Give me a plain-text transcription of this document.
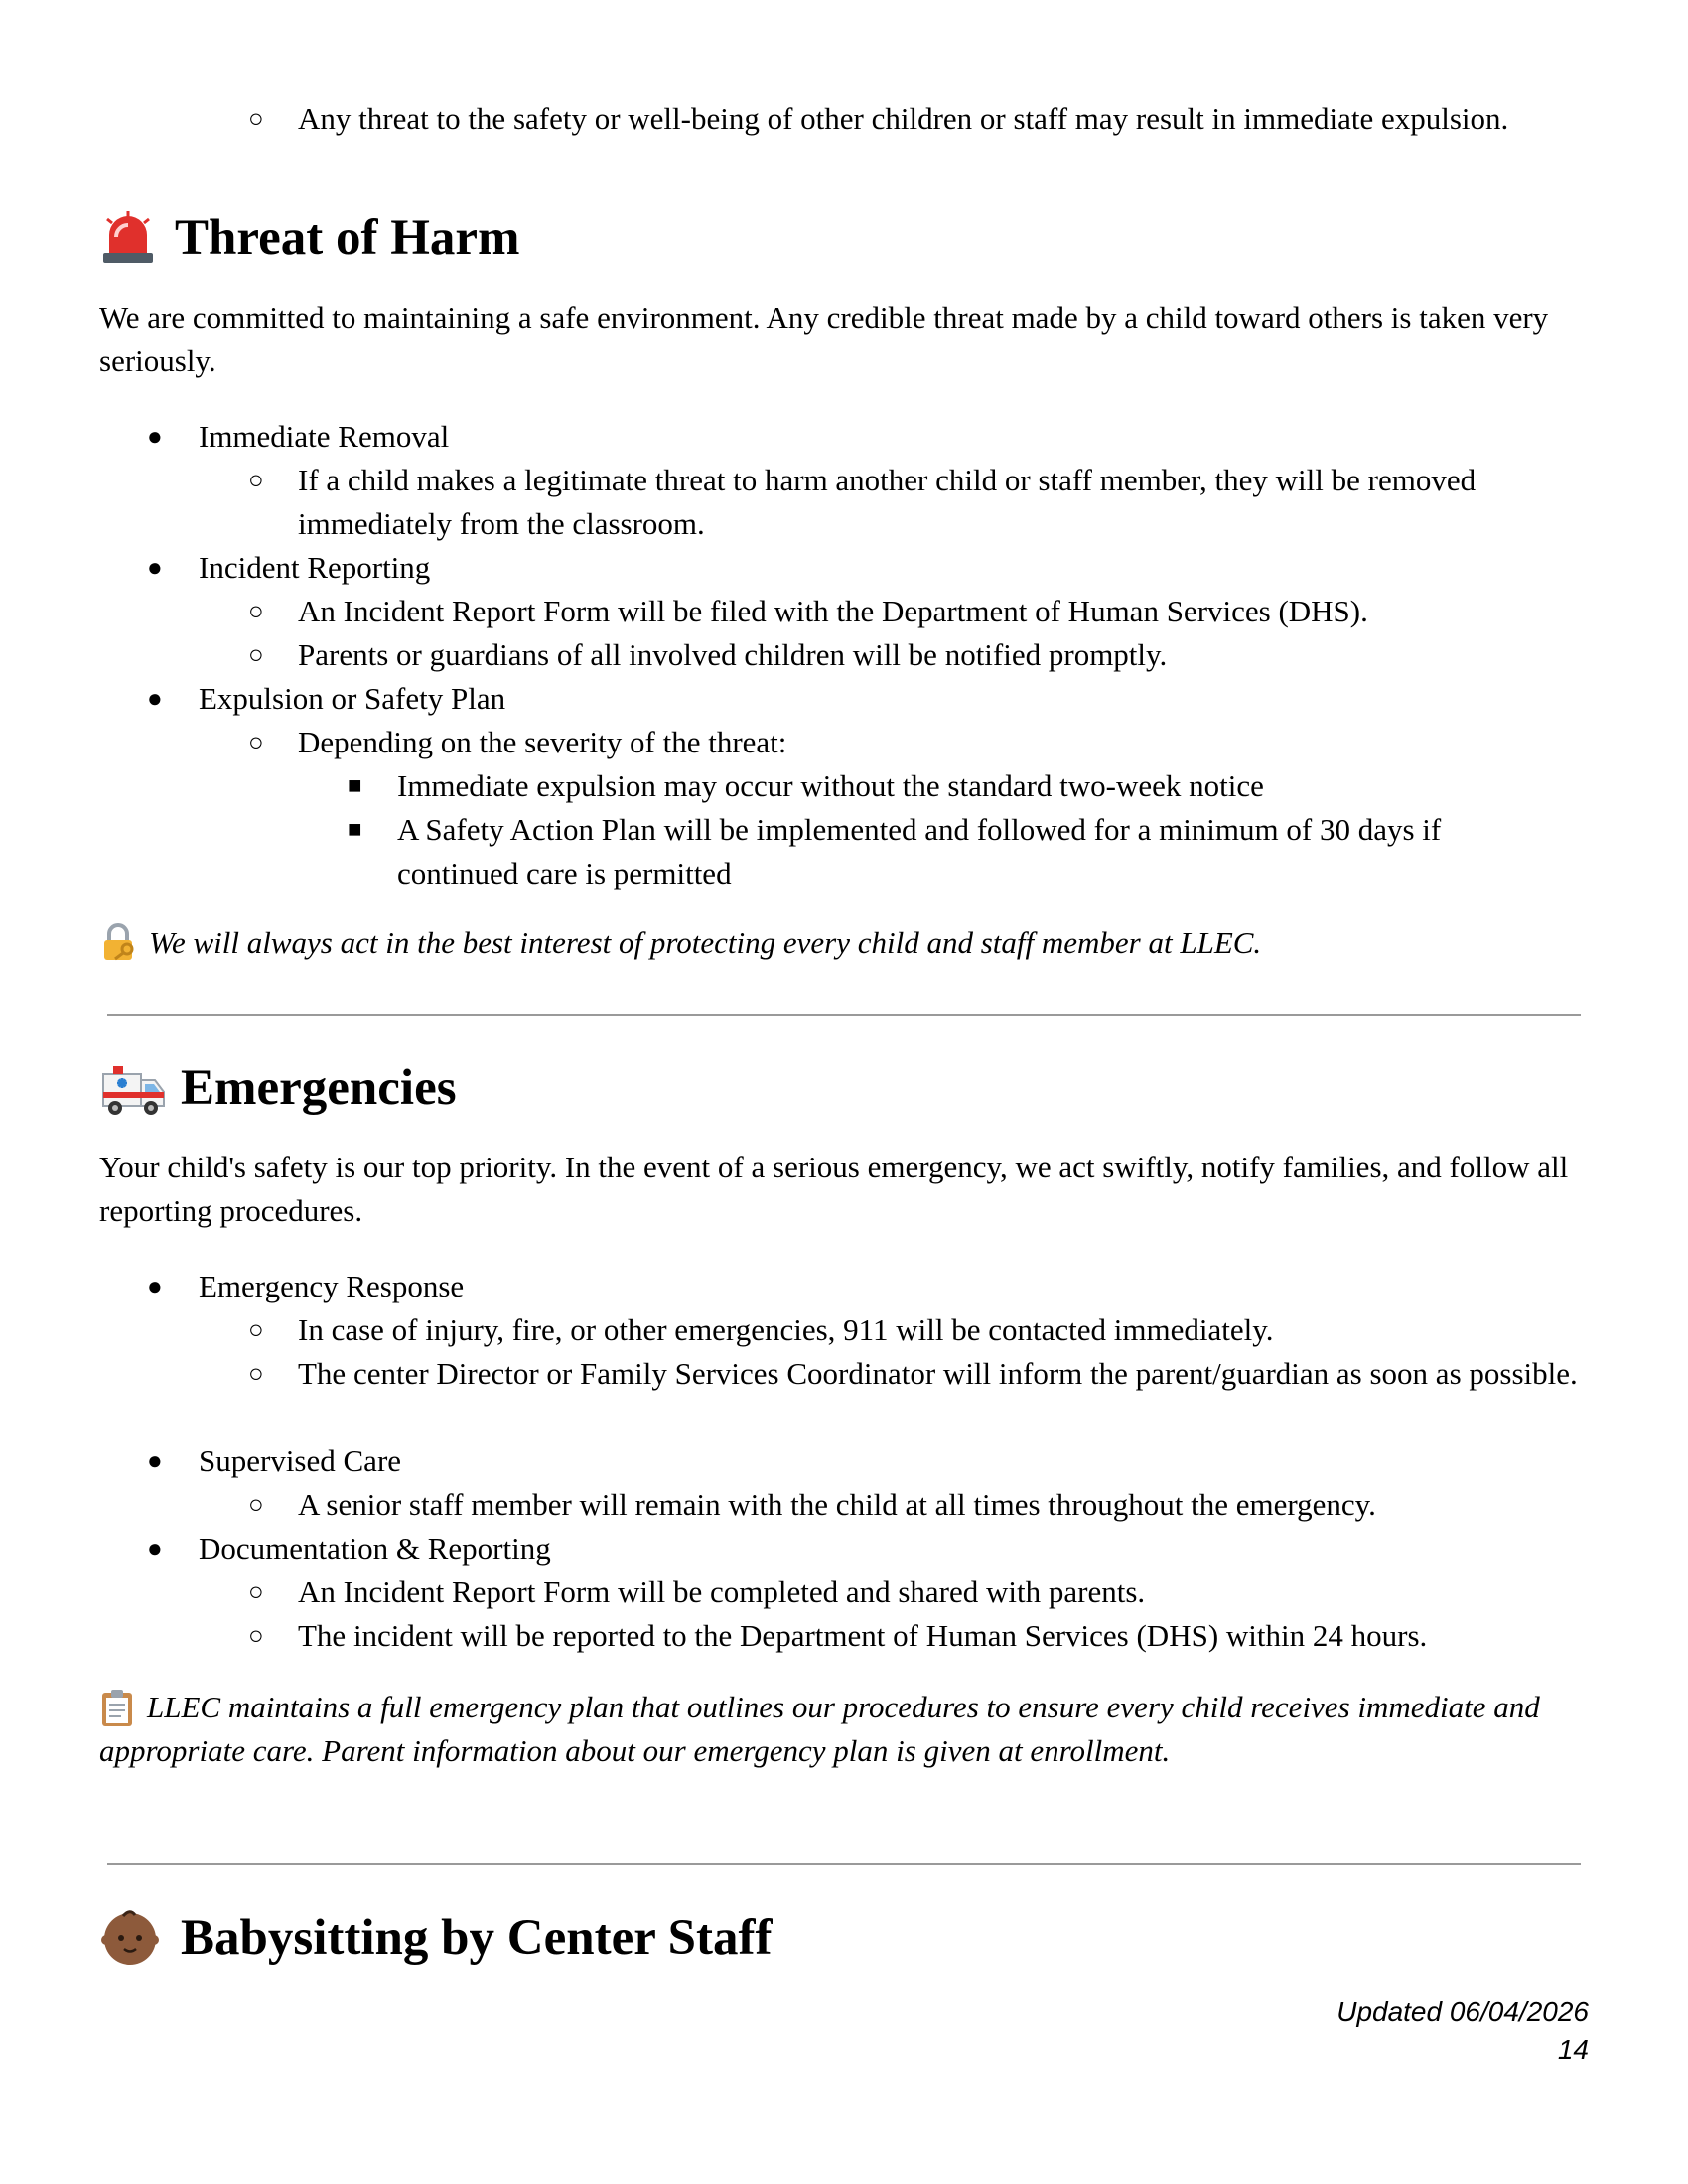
○ Any threat to the safety or well-being of other children or staff may result in immediate expulsion.
Threat of Harm
We are committed to maintaining a safe environment. Any credible threat made by a child toward others is taken very seriously.
● Immediate Removal
○ If a child makes a legitimate threat to harm another child or staff member, they will be removed immediately from the classroom.
● Incident Reporting
○ An Incident Report Form will be filed with the Department of Human Services (DHS).
○ Parents or guardians of all involved children will be notified promptly.
● Expulsion or Safety Plan
○ Depending on the severity of the threat:
■ Immediate expulsion may occur without the standard two-week notice
■ A Safety Action Plan will be implemented and followed for a minimum of 30 days if continued care is permitted
We will always act in the best interest of protecting every child and staff member at LLEC.
Emergencies
Your child's safety is our top priority. In the event of a serious emergency, we act swiftly, notify families, and follow all reporting procedures.
● Emergency Response
○ In case of injury, fire, or other emergencies, 911 will be contacted immediately.
○ The center Director or Family Services Coordinator will inform the parent/guardian as soon as possible.
● Supervised Care
○ A senior staff member will remain with the child at all times throughout the emergency.
● Documentation & Reporting
○ An Incident Report Form will be completed and shared with parents.
○ The incident will be reported to the Department of Human Services (DHS) within 24 hours.
LLEC maintains a full emergency plan that outlines our procedures to ensure every child receives immediate and appropriate care. Parent information about our emergency plan is given at enrollment.
Babysitting by Center Staff
Updated 06/04/2026
14
